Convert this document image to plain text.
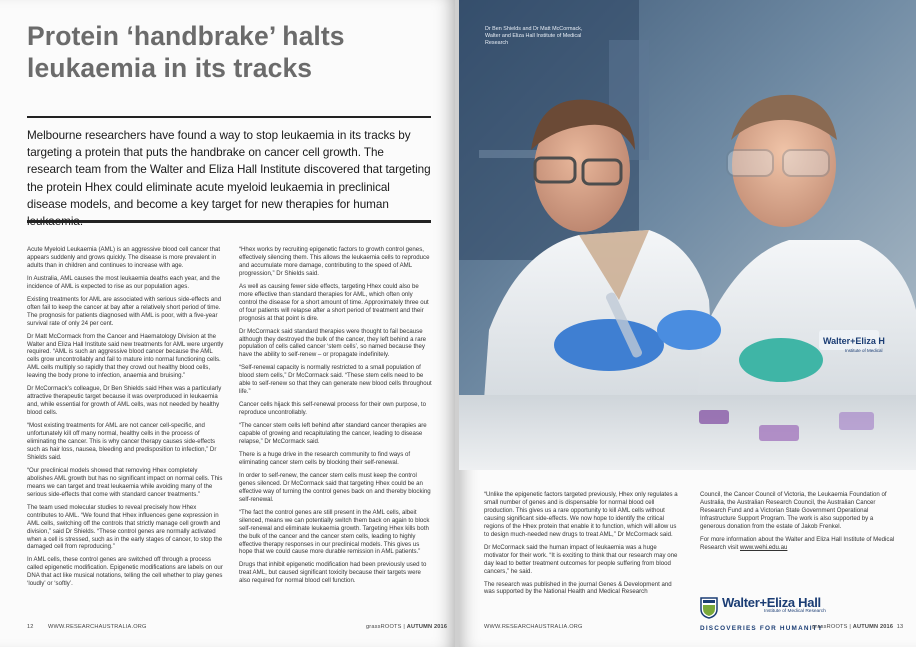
Protein ‘handbrake’ halts leukaemia in its tracks

Melbourne researchers have found a way to stop leukaemia in its tracks by targeting a protein that puts the handbrake on cancer cell growth. The research team from the Walter and Eliza Hall Institute discovered that targeting the protein Hhex could eliminate acute myeloid leukaemia in preclinical disease models, and become a key target for new therapies for human

Acute Myeloid Leukaemia (AML) is an aggressive blood cell cancer that appears suddenly and grows quickly. The disease is more prevalent in adults than in children and continues to increase with age.

In Australia, AML causes the most leukaemia deaths each year, and the incidence of AML is expected to rise as our population ages.

Existing treatments for AML are associated with serious side-effects and often fail to keep the cancer at bay after a relatively short period of time. The prognosis for patients diagnosed with AML is poor, with a five-year survival rate of only 24 per cent.

Dr Matt McCormack from the Cancer and Haematology Division at the Walter and Eliza Hall Institute said new treatments for AML were urgently required. “AML is such an aggressive blood cancer because the AML cells grow uncontrollably and fail to mature into normal functioning cells. AML cells multiply so rapidly that they crowd out healthy blood cells, leaving the body prone to infection, anaemia and bruising.”

Dr McCormack’s colleague, Dr Ben Shields said Hhex was a particularly attractive therapeutic target because it was overproduced in leukaemia and, while essential for growth of AML cells, was not needed by healthy blood cells.

“Most existing treatments for AML are not cancer cell-specific, and unfortunately kill off many normal, healthy cells in the process of eliminating the cancer. This is why cancer therapy causes side-effects such as hair loss, nausea, bleeding and predisposition to infection,” Dr Shields said.

“Our preclinical models showed that removing Hhex completely abolishes AML growth but has no significant impact on normal cells. This means we can target and treat leukaemia while avoiding many of the serious side-effects that come with standard cancer treatments.”

The team used molecular studies to reveal precisely how Hhex contributes to AML. “We found that Hhex influences gene expression in AML cells, switching off the controls that strictly manage cell growth and division,” said Dr Shields. “These control genes are normally activated when a cell is stressed, such as in the early stages of cancer, to stop the damaged cell from reproducing.”

In AML cells, these control genes are switched off through a process called epigenetic modification. Epigenetic modifications are labels on our DNA that act like musical notations, telling the cell whether to play genes ‘loudly’ or ‘softly’.

“Hhex works by recruiting epigenetic factors to growth control genes, effectively silencing them. This allows the leukaemia cells to reproduce and accumulate more damage, contributing to the speed of AML progression,” Dr Shields said.

As well as causing fewer side effects, targeting Hhex could also be more effective than standard therapies for AML, which often only control the disease for a short amount of time. Approximately three out of four patients will relapse after a short period of treatment and their prognosis at that point is dire.

Dr McCormack said standard therapies were thought to fail because although they destroyed the bulk of the cancer, they left behind a rare population of cells called cancer ‘stem cells’, so named because they have the ability to self-renew – or propagate indefinitely.

“Self-renewal capacity is normally restricted to a small population of blood stem cells,” Dr McCormack said. “These stem cells need to be able to self-renew so that they can generate new blood cells throughout life.”

Cancer cells hijack this self-renewal process for their own purpose, to reproduce uncontrollably.

“The cancer stem cells left behind after standard cancer therapies are capable of growing and recapitulating the cancer, leading to disease relapse,” Dr McCormack said.

There is a huge drive in the research community to find ways of eliminating cancer stem cells by blocking their self-renewal.

In order to self-renew, the cancer stem cells must keep the control genes silenced. Dr McCormack said that targeting Hhex could be an effective way of turning the control genes back on and thereby blocking self-renewal.

“The fact the control genes are still present in the AML cells, albeit silenced, means we can potentially switch them back on again to block self-renewal and eliminate leukaemia growth. Targeting Hhex kills both the bulk of the cancer and the cancer stem cells, leading to highly effective therapy responses in our preclinical models. This gives us hope that we could cause more durable remission in AML patients.”

Drugs that inhibit epigenetic modification had been previously used to treat AML, but caused significant toxicity because their targets were also required for normal blood cell function.

Walter+Eliza H
Institute of Medical

Dr Ben Shields and Dr Matt McCormack, Walter and Eliza Hall Institute of Medical Research

“Unlike the epigenetic factors targeted previously, Hhex only regulates a small number of genes and is dispensable for normal blood cell production. This gives us a rare opportunity to kill AML cells without causing significant side-effects. We now hope to identify the critical regions of the Hhex protein that enable it to function, which will allow us to design much-needed new drugs to treat AML,” Dr McCormack said.

Dr McCormack said the human impact of leukaemia was a huge motivator for their work. “It is exciting to think that our research may one day lead to better treatment outcomes for people suffering from blood cancers,” he said.

The research was published in the journal Genes & Development and was supported by the National Health and Medical Research

Council, the Cancer Council of Victoria, the Leukaemia Foundation of Australia, the Australian Research Council, the Australian Cancer Research Fund and a Victorian State Government Operational Infrastructure Support Program. The work is also supported by a generous donation from the estate of Jakob Frenkel.

For more information about the Walter and Eliza Hall Institute of Medical Research visit www.wehi.edu.au

Walter+Eliza Hall
Institute of Medical Research
DISCOVERIES FOR HUMANITY
12	WWW.RESEARCHAUSTRALIA.ORG	grassROOTS | AUTUMN 2016	WWW.RESEARCHAUSTRALIA.ORG	grassROOTS | AUTUMN 2016 13
